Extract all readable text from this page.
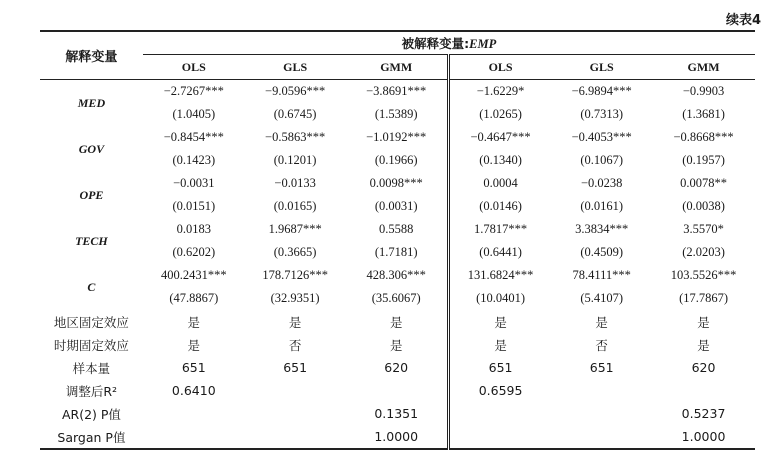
续表4
解释变量	被解释变量:EMP					
	OLS	GLS	GMM	OLS	GLS	GMM
MED	−2.7267***	−9.0596***	−3.8691***	−1.6229*	−6.9894***	−0.9903
	(1.0405)	(0.6745)	(1.5389)	(1.0265)	(0.7313)	(1.3681)
GOV	−0.8454***	−0.5863***	−1.0192***	−0.4647***	−0.4053***	−0.8668***
	(0.1423)	(0.1201)	(0.1966)	(0.1340)	(0.1067)	(0.1957)
OPE	−0.0031	−0.0133	0.0098***	0.0004	−0.0238	0.0078**
	(0.0151)	(0.0165)	(0.0031)	(0.0146)	(0.0161)	(0.0038)
TECH	0.0183	1.9687***	0.5588	1.7817***	3.3834***	3.5570*
	(0.6202)	(0.3665)	(1.7181)	(0.6441)	(0.4509)	(2.0203)
C	400.2431***	178.7126***	428.306***	131.6824***	78.4111***	103.5526***
	(47.8867)	(32.9351)	(35.6067)	(10.0401)	(5.4107)	(17.7867)
地区固定效应	是	是	是	是	是	是
时期固定效应	是	否	是	是	否	是
样本量	651	651	620	651	651	620
调整后R²	0.6410			0.6595		
AR(2) P值			0.1351			0.5237
Sargan P值			1.0000			1.0000
